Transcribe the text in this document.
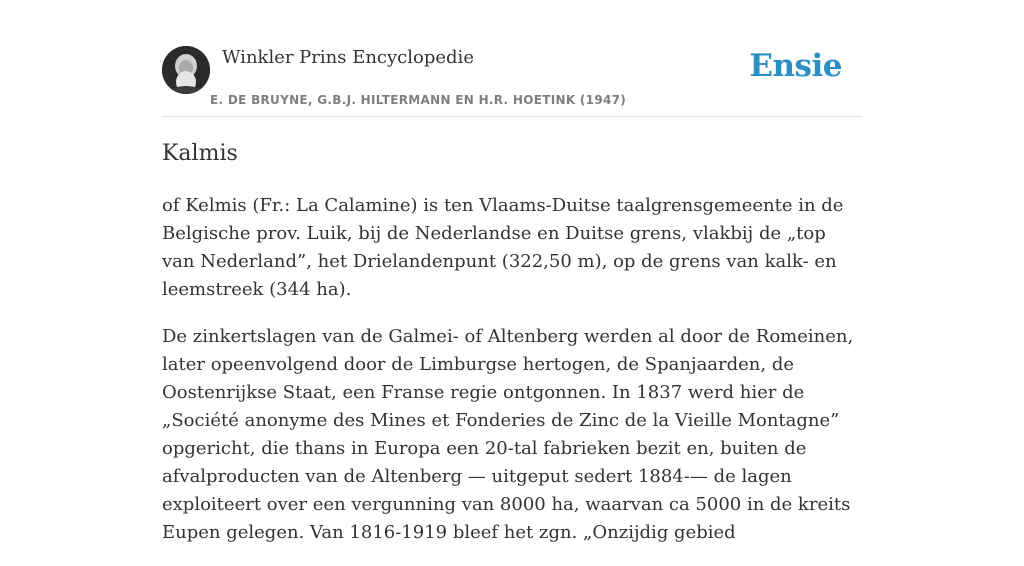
Winkler Prins Encyclopedie
E. DE BRUYNE, G.B.J. HILTERMANN EN H.R. HOETINK (1947)
Ensie
Kalmis

of Kelmis (Fr.: La Calamine) is ten Vlaams-Duitse taalgrensgemeente in de Belgische prov. Luik, bij de Nederlandse en Duitse grens, vlakbij de „top van Nederland”, het Drielandenpunt (322,50 m), op de grens van kalk- en leemstreek (344 ha).

De zinkertslagen van de Galmei- of Altenberg werden al door de Romeinen, later opeenvolgend door de Limburgse hertogen, de Spanjaarden, de Oostenrijkse Staat, een Franse regie ontgonnen. In 1837 werd hier de „Société anonyme des Mines et Fonderies de Zinc de la Vieille Montagne” opgericht, die thans in Europa een 20-tal fabrieken bezit en, buiten de afvalproducten van de Altenberg — uitgeput sedert 1884-— de lagen exploiteert over een vergunning van 8000 ha, waarvan ca 5000 in de kreits Eupen gelegen. Van 1816-1919 bleef het zgn. „Onzijdig gebied
